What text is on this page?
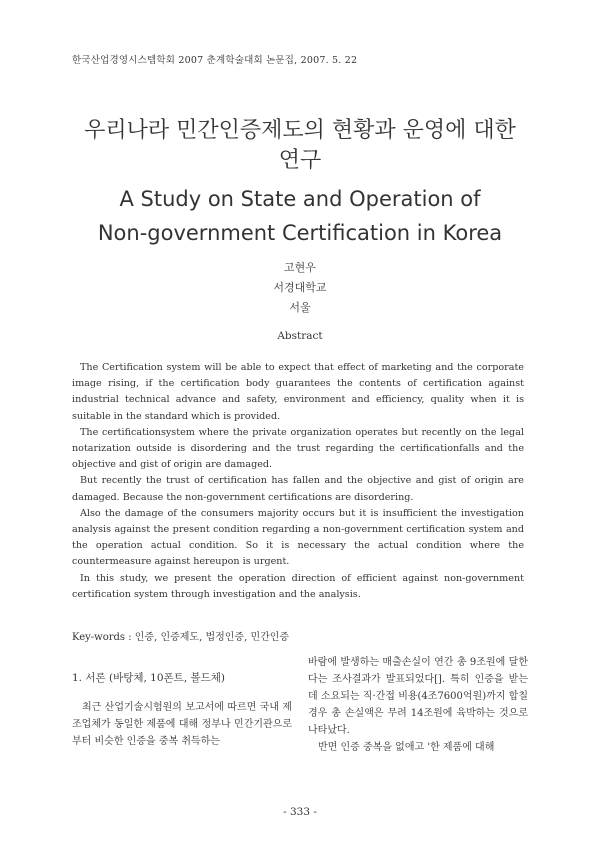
한국산업경영시스템학회 2007 춘계학술대회 논문집, 2007. 5. 22
우리나라 민간인증제도의 현황과 운영에 대한
연구
A Study on State and Operation of
Non-government Certification in Korea
고현우
서경대학교
서울
Abstract

The Certification system will be able to expect that effect of marketing and the corporate image rising, if the certification body guarantees the contents of certification against industrial technical advance and safety, environment and efficiency, quality when it is suitable in the standard which is provided.

The certificationsystem where the private organization operates but recently on the legal notarization outside is disordering and the trust regarding the certificationfalls and the objective and gist of origin are damaged.

But recently the trust of certification has fallen and the objective and gist of origin are damaged. Because the non-government certifications are disordering.

Also the damage of the consumers majority occurs but it is insufficient the investigation analysis against the present condition regarding a non-government certification system and the operation actual condition. So it is necessary the actual condition where the countermeasure against hereupon is urgent.

In this study, we present the operation direction of efficient against non-government certification system through investigation and the analysis.

Key-words : 인증, 인증제도, 법정인증, 민간인증
1. 서론 (바탕체, 10폰트, 볼드체)

최근 산업기술시험원의 보고서에 따르면 국내 제조업체가 동일한 제품에 대해 정부나 민간기관으로부터 비슷한 인증을 중복 취득하는

바람에 발생하는 매출손실이 연간 총 9조원에 달한다는 조사결과가 발표되었다[]. 특히 인증을 받는 데 소요되는 직·간접 비용(4조7600억원)까지 합칠 경우 총 손실액은 무려 14조원에 육박하는 것으로 나타났다.

반면 인증 중복을 없애고 '한 제품에 대해

- 333 -
